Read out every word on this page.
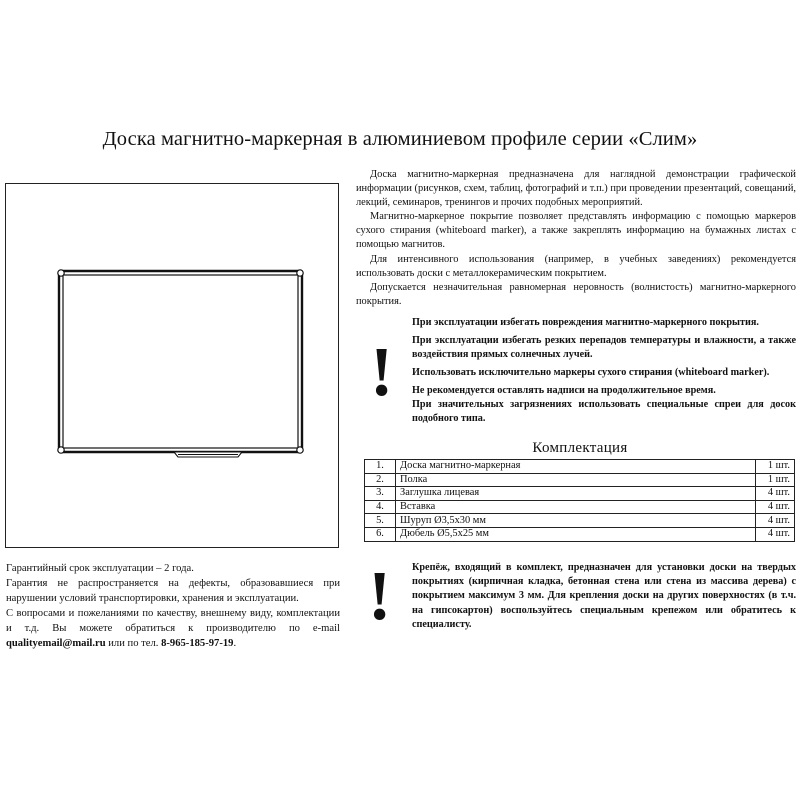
Доска магнитно-маркерная в алюминиевом профиле серии «Слим»

Доска магнитно-маркерная предназначена для наглядной демонстрации графической информации (рисунков, схем, таблиц, фотографий и т.п.) при проведении презентаций, совещаний, лекций, семинаров, тренингов и прочих подобных мероприятий.

Магнитно-маркерное покрытие позволяет представлять информацию с помощью маркеров сухого стирания (whiteboard marker), а также закреплять информацию на бумажных листах с помощью магнитов.

Для интенсивного использования (например, в учебных заведениях) рекомендуется использовать доски с металлокерамическим покрытием.

Допускается незначительная равномерная неровность (волнистость) магнитно-маркерного покрытия.

!
При эксплуатации избегать повреждения магнитно-маркерного покрытия.
При эксплуатации избегать резких перепадов температуры и влажности, а также воздействия прямых солнечных лучей.
Использовать исключительно маркеры сухого стирания (whiteboard marker).
Не рекомендуется оставлять надписи на продолжительное время.
При значительных загрязнениях использовать специальные спреи для досок подобного типа.
Комплектация
1.	Доска магнитно-маркерная	1 шт.
2.	Полка	1 шт.
3.	Заглушка лицевая	4 шт.
4.	Вставка	4 шт.
5.	Шуруп Ø3,5х30 мм	4 шт.
6.	Дюбель Ø5,5х25 мм	4 шт.
! Крепёж, входящий в комплект, предназначен для установки доски на твердых покрытиях (кирпичная кладка, бетонная стена или стена из массива дерева) с покрытием максимум 3 мм. Для крепления доски на других поверхностях (в т.ч. на гипсокартон) воспользуйтесь специальным крепежом или обратитесь к специалисту.

Гарантийный срок эксплуатации – 2 года.

Гарантия не распространяется на дефекты, образовавшиеся при нарушении условий транспортировки, хранения и эксплуатации.

С вопросами и пожеланиями по качеству, внешнему виду, комплектации и т.д. Вы можете обратиться к производителю по e-mail qualityemail@mail.ru или по тел. 8-965-185-97-19.
